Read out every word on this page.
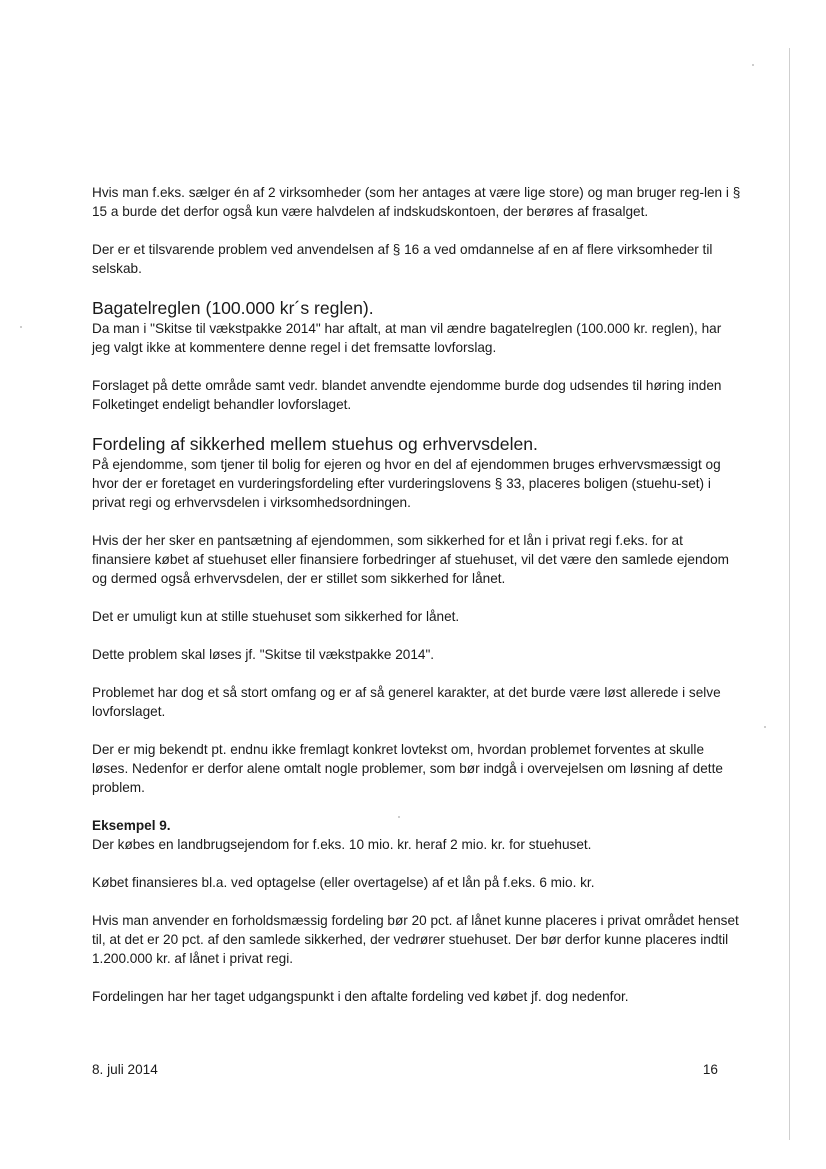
Hvis man f.eks. sælger én af 2 virksomheder (som her antages at være lige store) og man bruger reg-len i § 15 a burde det derfor også kun være halvdelen af indskudskontoen, der berøres af frasalget.

Der er et tilsvarende problem ved anvendelsen af § 16 a ved omdannelse af en af flere virksomheder til selskab.

Bagatelreglen (100.000 kr´s reglen).

Da man i "Skitse til vækstpakke 2014" har aftalt, at man vil ændre bagatelreglen (100.000 kr. reglen), har jeg valgt ikke at kommentere denne regel i det fremsatte lovforslag.

Forslaget på dette område samt vedr. blandet anvendte ejendomme burde dog udsendes til høring inden Folketinget endeligt behandler lovforslaget.

Fordeling af sikkerhed mellem stuehus og erhvervsdelen.

På ejendomme, som tjener til bolig for ejeren og hvor en del af ejendommen bruges erhvervsmæssigt og hvor der er foretaget en vurderingsfordeling efter vurderingslovens § 33, placeres boligen (stuehu-set) i privat regi og erhvervsdelen i virksomhedsordningen.

Hvis der her sker en pantsætning af ejendommen, som sikkerhed for et lån i privat regi f.eks. for at finansiere købet af stuehuset eller finansiere forbedringer af stuehuset, vil det være den samlede ejendom og dermed også erhvervsdelen, der er stillet som sikkerhed for lånet.

Det er umuligt kun at stille stuehuset som sikkerhed for lånet.

Dette problem skal løses jf. "Skitse til vækstpakke 2014".

Problemet har dog et så stort omfang og er af så generel karakter, at det burde være løst allerede i selve lovforslaget.

Der er mig bekendt pt. endnu ikke fremlagt konkret lovtekst om, hvordan problemet forventes at skulle løses. Nedenfor er derfor alene omtalt nogle problemer, som bør indgå i overvejelsen om løsning af dette problem.

Eksempel 9.

Der købes en landbrugsejendom for f.eks. 10 mio. kr. heraf 2 mio. kr. for stuehuset.

Købet finansieres bl.a. ved optagelse (eller overtagelse) af et lån på f.eks. 6 mio. kr.

Hvis man anvender en forholdsmæssig fordeling bør 20 pct. af lånet kunne placeres i privat området henset til, at det er 20 pct. af den samlede sikkerhed, der vedrører stuehuset. Der bør derfor kunne placeres indtil 1.200.000 kr. af lånet i privat regi.

Fordelingen har her taget udgangspunkt i den aftalte fordeling ved købet jf. dog nedenfor.

8. juli 2014	16
